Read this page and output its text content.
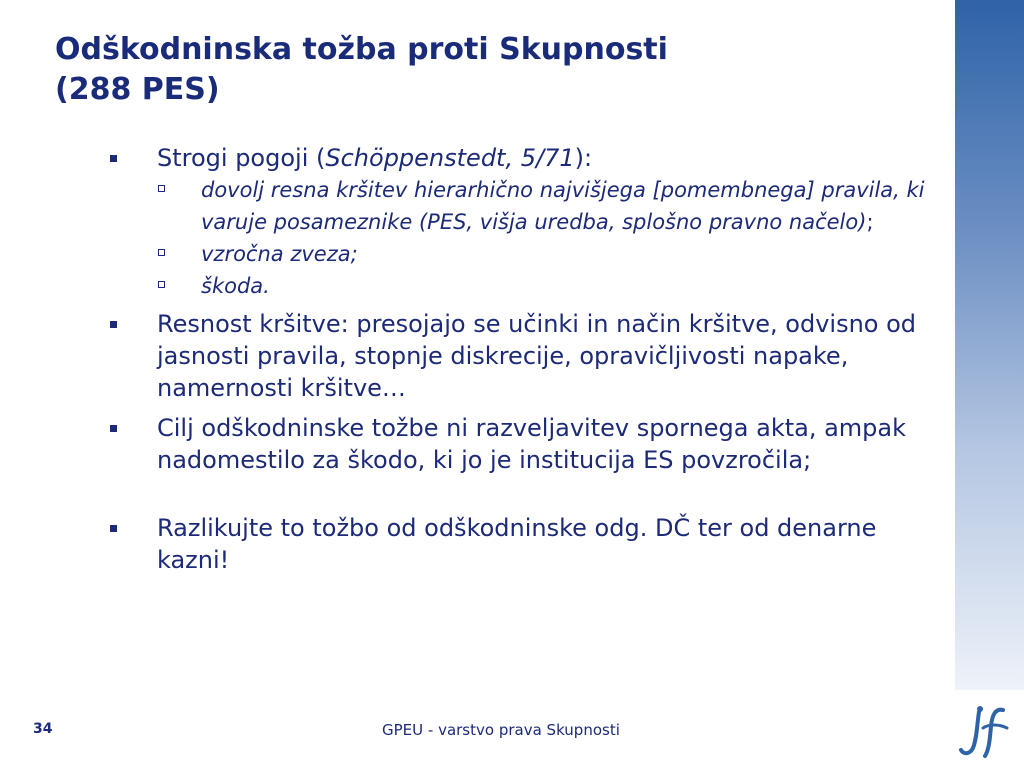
Odškodninska tožba proti Skupnosti
(288 PES)
Strogi pogoji (Schöppenstedt, 5/71):
dovolj resna kršitev hierarhično najvišjega [pomembnega] pravila, ki varuje posameznike (PES, višja uredba, splošno pravno načelo);
vzročna zveza;
škoda.
Resnost kršitve: presojajo se učinki in način kršitve, odvisno od jasnosti pravila, stopnje diskrecije, opravičljivosti napake, namernosti kršitve…
Cilj odškodninske tožbe ni razveljavitev spornega akta, ampak nadomestilo za škodo, ki jo je institucija ES povzročila;
Razlikujte to tožbo od odškodninske odg. DČ ter od denarne kazni!
34	GPEU - varstvo prava Skupnosti
